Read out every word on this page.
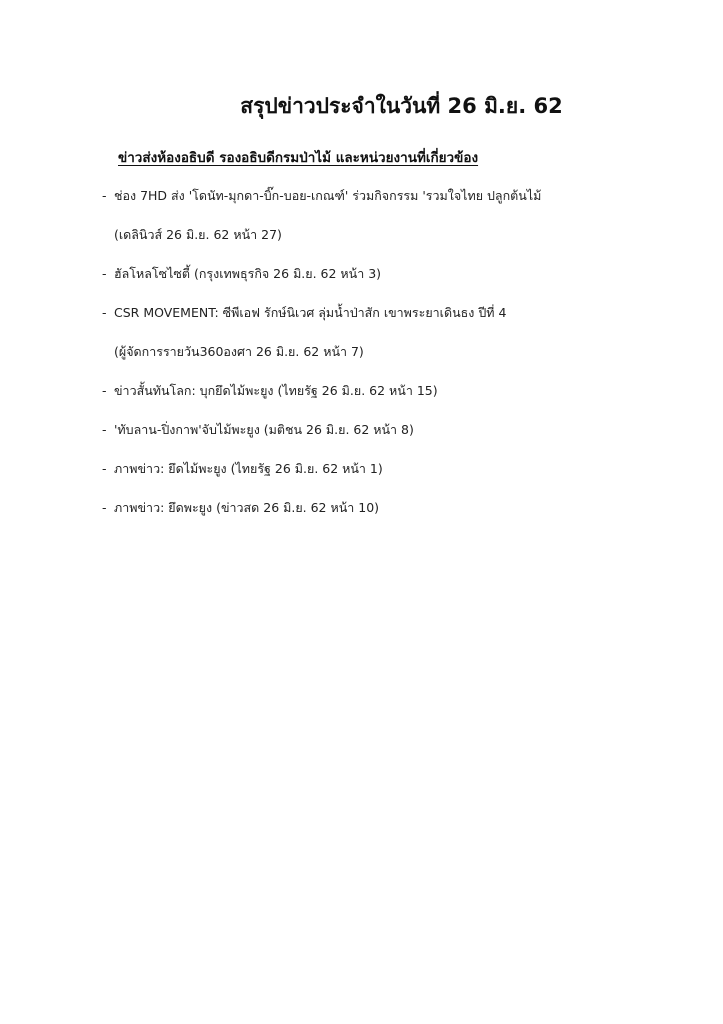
สรุปข่าวประจำในวันที่ 26 มิ.ย. 62
ข่าวส่งห้องอธิบดี รองอธิบดีกรมป่าไม้ และหน่วยงานที่เกี่ยวข้อง
- ช่อง 7HD ส่ง 'โดนัท-มุกดา-บิ๊ก-บอย-เกณฑ์' ร่วมกิจกรรม 'รวมใจไทย ปลูกต้นไม้
(เดลินิวส์ 26 มิ.ย. 62 หน้า 27)
- ฮัลโหลโซไซตี้ (กรุงเทพธุรกิจ 26 มิ.ย. 62 หน้า 3)
- CSR MOVEMENT: ซีพีเอฟ รักษ์นิเวศ ลุ่มน้ำป่าสัก เขาพระยาเดินธง ปีที่ 4
(ผู้จัดการรายวัน360องศา 26 มิ.ย. 62 หน้า 7)
- ข่าวสั้นทันโลก: บุกยึดไม้พะยูง (ไทยรัฐ 26 มิ.ย. 62 หน้า 15)
- 'ทับลาน-ปิ่งกาพ'จับไม้พะยูง (มติชน 26 มิ.ย. 62 หน้า 8)
- ภาพข่าว: ยึดไม้พะยูง (ไทยรัฐ 26 มิ.ย. 62 หน้า 1)
- ภาพข่าว: ยึดพะยูง (ข่าวสด 26 มิ.ย. 62 หน้า 10)
